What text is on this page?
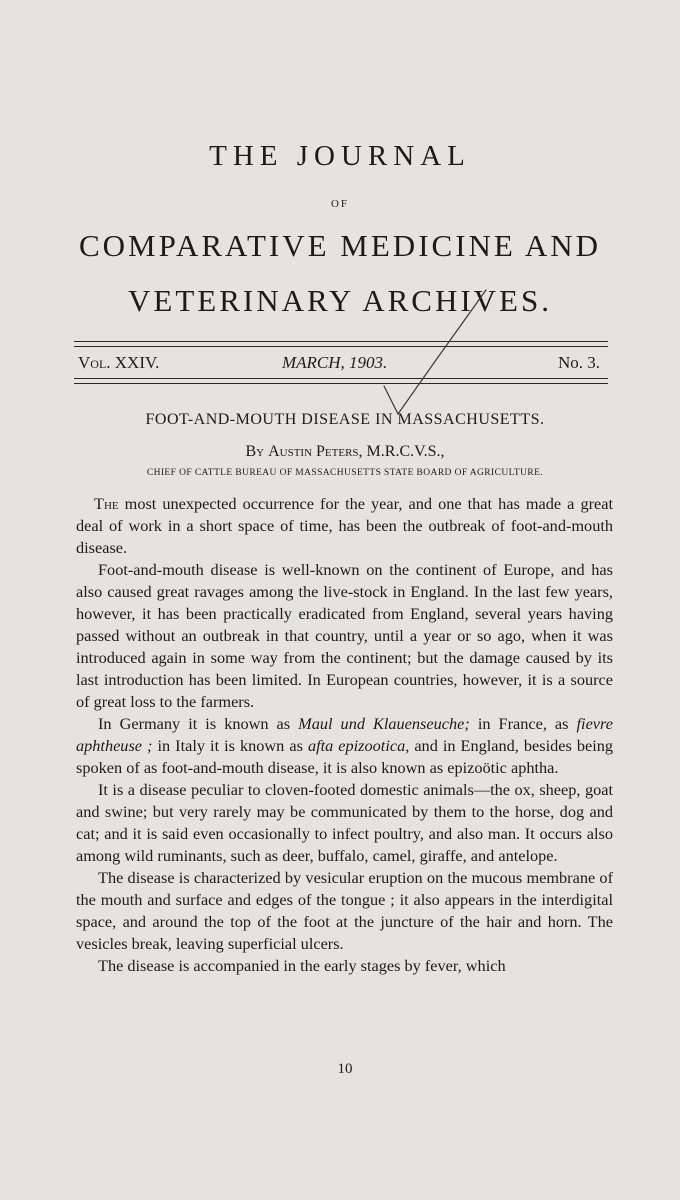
THE JOURNAL
OF
COMPARATIVE MEDICINE AND
VETERINARY ARCHIVES.
Vol. XXIV.	MARCH, 1903.	No. 3.
FOOT-AND-MOUTH DISEASE IN MASSACHUSETTS.
By Austin Peters, M.R.C.V.S.,
CHIEF OF CATTLE BUREAU OF MASSACHUSETTS STATE BOARD OF AGRICULTURE.

The most unexpected occurrence for the year, and one that has made a great deal of work in a short space of time, has been the outbreak of foot-and-mouth disease.

Foot-and-mouth disease is well-known on the continent of Europe, and has also caused great ravages among the live-stock in England. In the last few years, however, it has been practically eradicated from England, several years having passed without an outbreak in that country, until a year or so ago, when it was introduced again in some way from the continent; but the damage caused by its last introduction has been limited. In European countries, however, it is a source of great loss to the farmers.

In Germany it is known as Maul und Klauenseuche; in France, as fievre aphtheuse ; in Italy it is known as afta epizootica, and in England, besides being spoken of as foot-and-mouth disease, it is also known as epizoötic aphtha.

It is a disease peculiar to cloven-footed domestic animals—the ox, sheep, goat and swine; but very rarely may be communicated by them to the horse, dog and cat; and it is said even occasionally to infect poultry, and also man. It occurs also among wild ruminants, such as deer, buffalo, camel, giraffe, and antelope.

The disease is characterized by vesicular eruption on the mucous membrane of the mouth and surface and edges of the tongue ; it also appears in the interdigital space, and around the top of the foot at the juncture of the hair and horn. The vesicles break, leaving superficial ulcers.

The disease is accompanied in the early stages by fever, which

10
